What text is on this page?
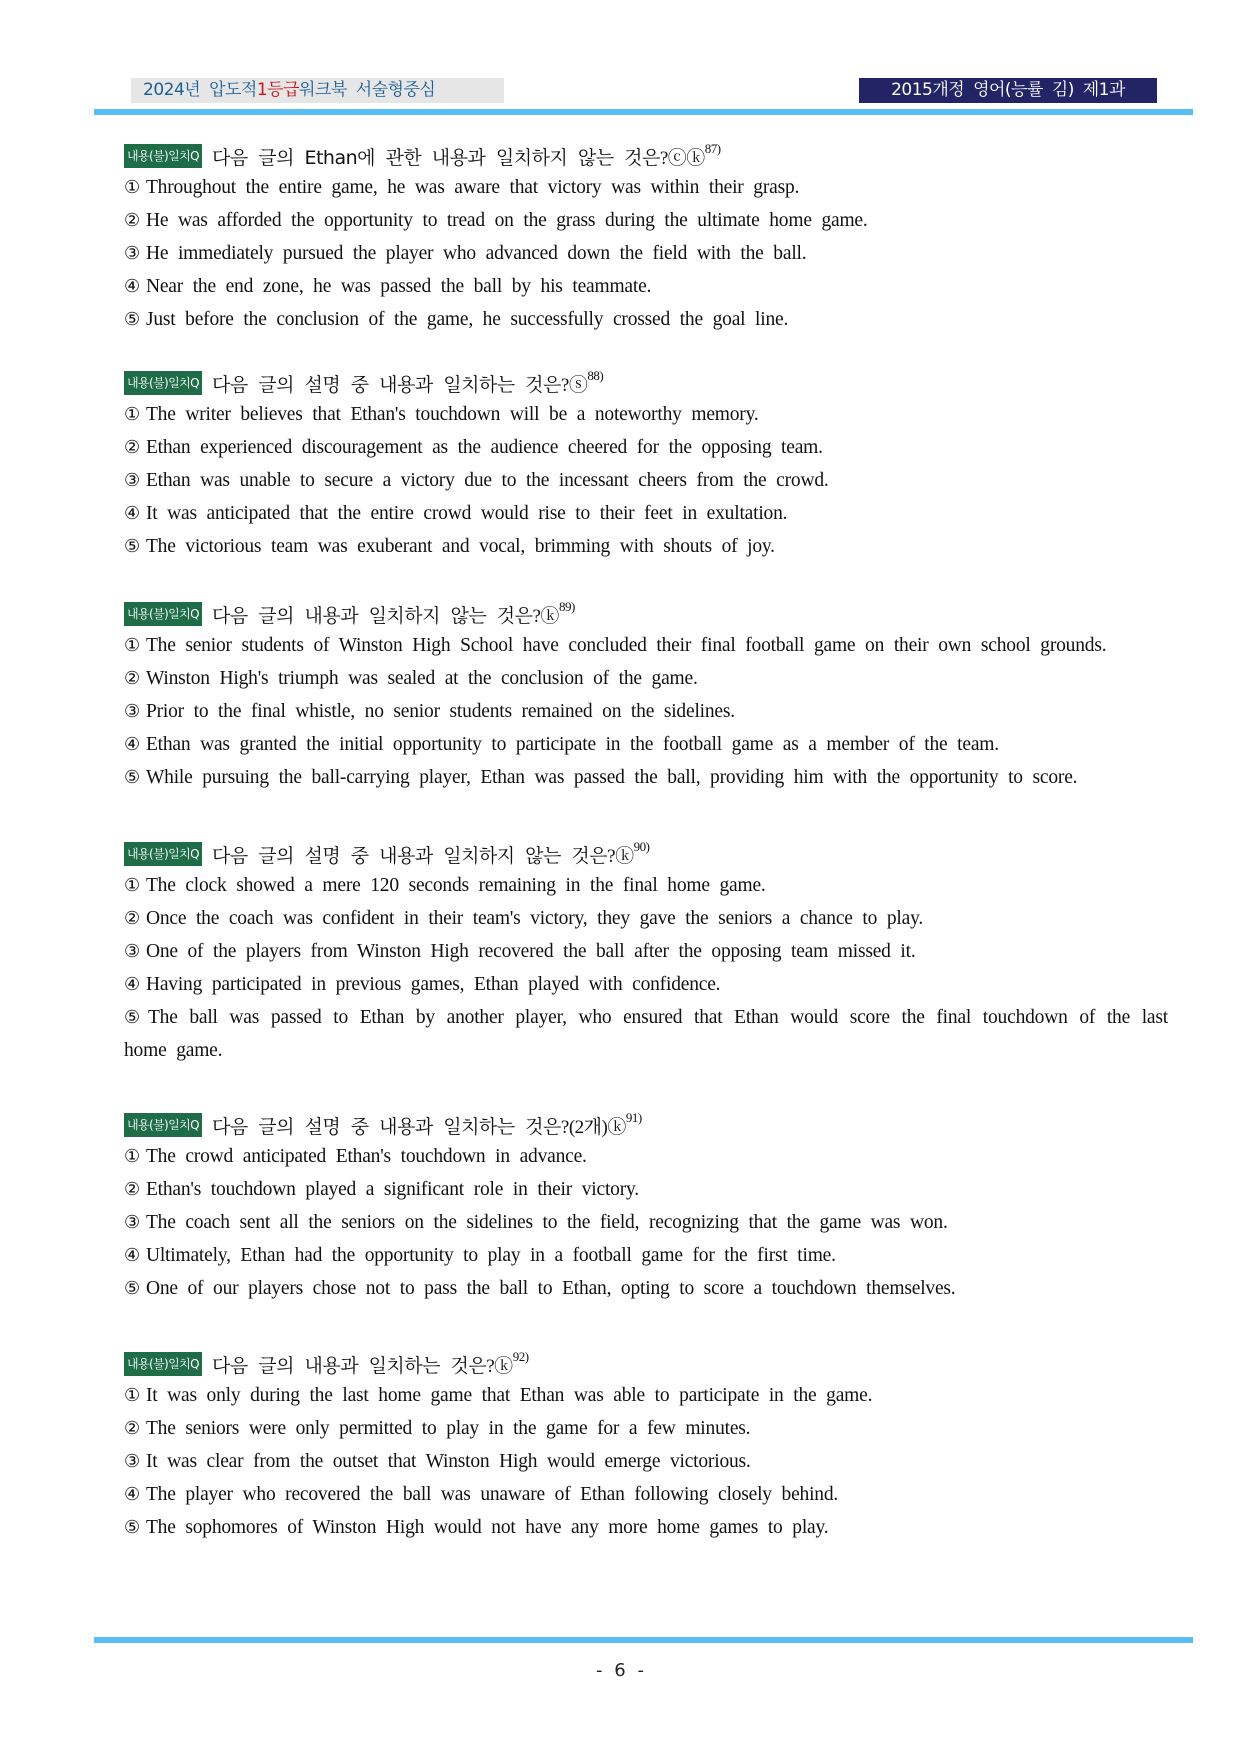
2024년 압도적1등급워크북 서술형중심	2015개정 영어(능률 김) 제1과
내용(불)일치Q 다음 글의 Ethan에 관한 내용과 일치하지 않는 것은 ?ⓒⓚ 87)
① Throughout the entire game, he was aware that victory was within their grasp.
② He was afforded the opportunity to tread on the grass during the ultimate home game.
③ He immediately pursued the player who advanced down the field with the ball.
④ Near the end zone, he was passed the ball by his teammate.
⑤ Just before the conclusion of the game, he successfully crossed the goal line.
내용(불)일치Q 다음 글의 설명 중 내용과 일치하는 것은 ?ⓢ 88)
① The writer believes that Ethan's touchdown will be a noteworthy memory.
② Ethan experienced discouragement as the audience cheered for the opposing team.
③ Ethan was unable to secure a victory due to the incessant cheers from the crowd.
④ It was anticipated that the entire crowd would rise to their feet in exultation.
⑤ The victorious team was exuberant and vocal, brimming with shouts of joy.
내용(불)일치Q 다음 글의 내용과 일치하지 않는 것은 ?ⓚ 89)
① The senior students of Winston High School have concluded their final football game on their own school grounds.
② Winston High's triumph was sealed at the conclusion of the game.
③ Prior to the final whistle, no senior students remained on the sidelines.
④ Ethan was granted the initial opportunity to participate in the football game as a member of the team.
⑤ While pursuing the ball-carrying player, Ethan was passed the ball, providing him with the opportunity to score.
내용(불)일치Q 다음 글의 설명 중 내용과 일치하지 않는 것은 ?ⓚ 90)
① The clock showed a mere 120 seconds remaining in the final home game.
② Once the coach was confident in their team's victory, they gave the seniors a chance to play.
③ One of the players from Winston High recovered the ball after the opposing team missed it.
④ Having participated in previous games, Ethan played with confidence.
⑤ The ball was passed to Ethan by another player, who ensured that Ethan would score the final touchdown of the last home game.
내용(불)일치Q 다음 글의 설명 중 내용과 일치하는 것은 ?(2개)ⓚ 91)
① The crowd anticipated Ethan's touchdown in advance.
② Ethan's touchdown played a significant role in their victory.
③ The coach sent all the seniors on the sidelines to the field, recognizing that the game was won.
④ Ultimately, Ethan had the opportunity to play in a football game for the first time.
⑤ One of our players chose not to pass the ball to Ethan, opting to score a touchdown themselves.
내용(불)일치Q 다음 글의 내용과 일치하는 것은 ?ⓚ 92)
① It was only during the last home game that Ethan was able to participate in the game.
② The seniors were only permitted to play in the game for a few minutes.
③ It was clear from the outset that Winston High would emerge victorious.
④ The player who recovered the ball was unaware of Ethan following closely behind.
⑤ The sophomores of Winston High would not have any more home games to play.
- 6 -
